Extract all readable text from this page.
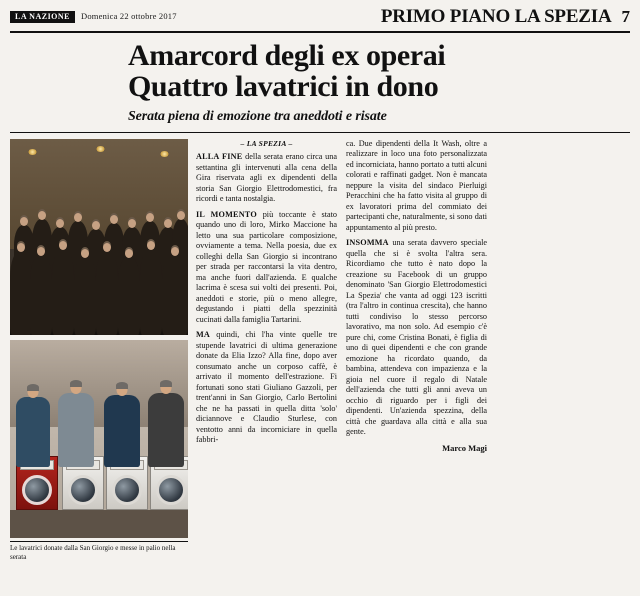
LA NAZIONE	Domenica 22 ottobre 2017	PRIMO PIANO LA SPEZIA 7
Amarcord degli ex operai
Quattro lavatrici in dono

Serata piena di emozione tra aneddoti e risate

Le lavatrici donate dalla San Giorgio e messe in palio nella serata
– LA SPEZIA –

ALLA FINE della serata erano circa una settantina gli intervenuti alla cena della Gira riservata agli ex dipendenti della storia San Giorgio Elettrodomestici, fra ricordi e tanta nostalgia.

IL MOMENTO più toccante è stato quando uno di loro, Mirko Maccione ha letto una sua particolare composizione, ovviamente a tema. Nella poesia, due ex colleghi della San Giorgio si incontrano per strada per raccontarsi la vita dentro, ma anche fuori dall'azienda. E qualche lacrima è scesa sui volti dei presenti. Poi, aneddoti e storie, più o meno allegre, degustando i piatti della spezzinità cucinati dalla famiglia Tartarini.

MA quindi, chi l'ha vinte quelle tre stupende lavatrici di ultima generazione donate da Elia Izzo? Alla fine, dopo aver consumato anche un corposo caffè, è arrivato il momento dell'estrazione. Fi fortunati sono stati Giuliano Gazzoli, per trent'anni in San Giorgio, Carlo Bertolini che ne ha passati in quella ditta 'solo' diciannove e Claudio Sturlese, con ventotto anni da incorniciare in quella fabbri-

ca. Due dipendenti della It Wash, oltre a realizzare in loco una foto personalizzata ed incorniciata, hanno portato a tutti alcuni colorati e raffinati gadget. Non è mancata neppure la visita del sindaco Pierluigi Peracchini che ha fatto visita al gruppo di ex lavoratori prima del commiato dei partecipanti che, naturalmente, si sono dati appuntamento al più presto.

INSOMMA una serata davvero speciale quella che si è svolta l'altra sera. Ricordiamo che tutto è nato dopo la creazione su Facebook di un gruppo denominato 'San Giorgio Elettrodomestici La Spezia' che vanta ad oggi 123 iscritti (tra l'altro in continua crescita), che hanno tutti condiviso lo stesso percorso lavorativo, ma non solo. Ad esempio c'è pure chi, come Cristina Bonati, è figlia di uno di quei dipendenti e che con grande emozione ha ricordato quando, da bambina, attendeva con impazienza e la gioia nel cuore il regalo di Natale dell'azienda che tutti gli anni aveva un occhio di riguardo per i figli dei dipendenti. Un'azienda spezzina, della città che guardava alla città e alla sua gente.

Marco Magi
